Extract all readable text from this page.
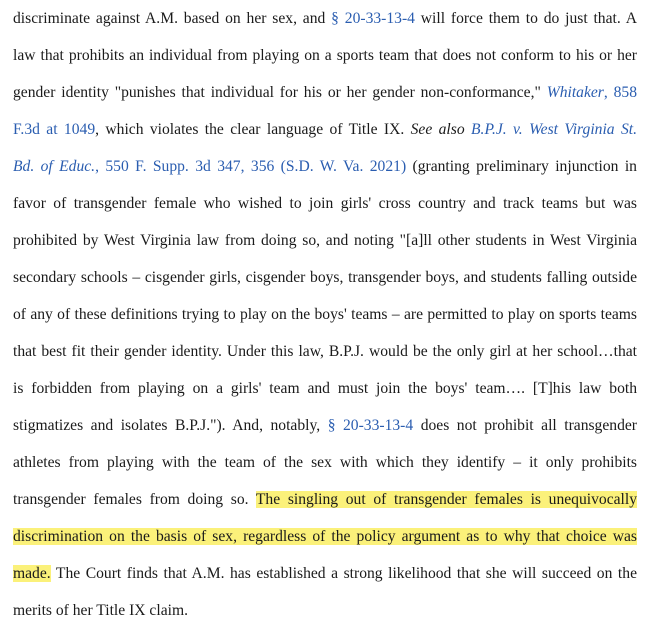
discriminate against A.M. based on her sex, and § 20-33-13-4 will force them to do just that. A
law that prohibits an individual from playing on a sports team that does not conform to his or her
gender identity "punishes that individual for his or her gender non-conformance," Whitaker, 858
F.3d at 1049, which violates the clear language of Title IX. See also B.P.J. v. West Virginia St.
Bd. of Educ., 550 F. Supp. 3d 347, 356 (S.D. W. Va. 2021) (granting preliminary injunction in
favor of transgender female who wished to join girls' cross country and track teams but was
prohibited by West Virginia law from doing so, and noting "[a]ll other students in West Virginia
secondary schools – cisgender girls, cisgender boys, transgender boys, and students falling outside
of any of these definitions trying to play on the boys' teams – are permitted to play on sports teams
that best fit their gender identity. Under this law, B.P.J. would be the only girl at her school…that
is forbidden from playing on a girls' team and must join the boys' team…. [T]his law both
stigmatizes and isolates B.P.J."). And, notably, § 20-33-13-4 does not prohibit all transgender
athletes from playing with the team of the sex with which they identify – it only prohibits
transgender females from doing so. The singling out of transgender females is unequivocally
discrimination on the basis of sex, regardless of the policy argument as to why that choice was
made. The Court finds that A.M. has established a strong likelihood that she will succeed on the
merits of her Title IX claim.
